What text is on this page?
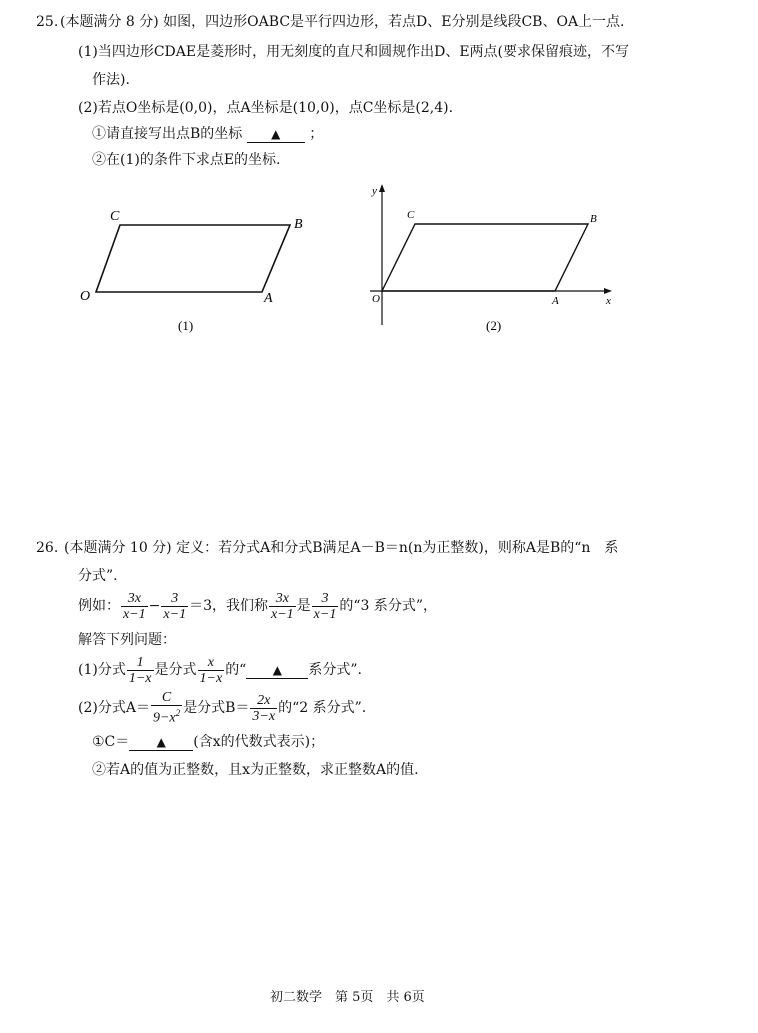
25. (本题满分 8 分) 如图，四边形OABC是平行四边形，若点D、E分别是线段CB、OA上一点.
(1)当四边形CDAE是菱形时，用无刻度的直尺和圆规作出D、E两点(要求保留痕迹，不写
作法).
(2)若点O坐标是(0,0)，点A坐标是(10,0)，点C坐标是(2,4).
①请直接写出点B的坐标 ▲ ；
②在(1)的条件下求点E的坐标.
C
B
O	A
(1)
y
x
C	B
O	A
(2)
26. (本题满分 10 分) 定义：若分式A和分式B满足A－B＝n(n为正整数)，则称A是B的“n　系
分式”.
例如： $\frac{3x}{x-1} - \frac{3}{x-1} =3$，我们称 $\frac{3x}{x-1}$ 是 $\frac{3}{x-1}$ 的“3 系分式”，
解答下列问题：
(1)分式 $\frac{1}{1-x}$ 是分式 $\frac{x}{1-x}$ 的“ ▲ 系分式”.
(2)分式$A= \frac{C}{9-x^2}$ 是分式$B= \frac{2x}{3-x}$ 的“2 系分式”.
①C＝ ▲ (含x的代数式表示)；
②若A的值为正整数，且x为正整数，求正整数A的值.
初二数学　第 5页　共 6页
